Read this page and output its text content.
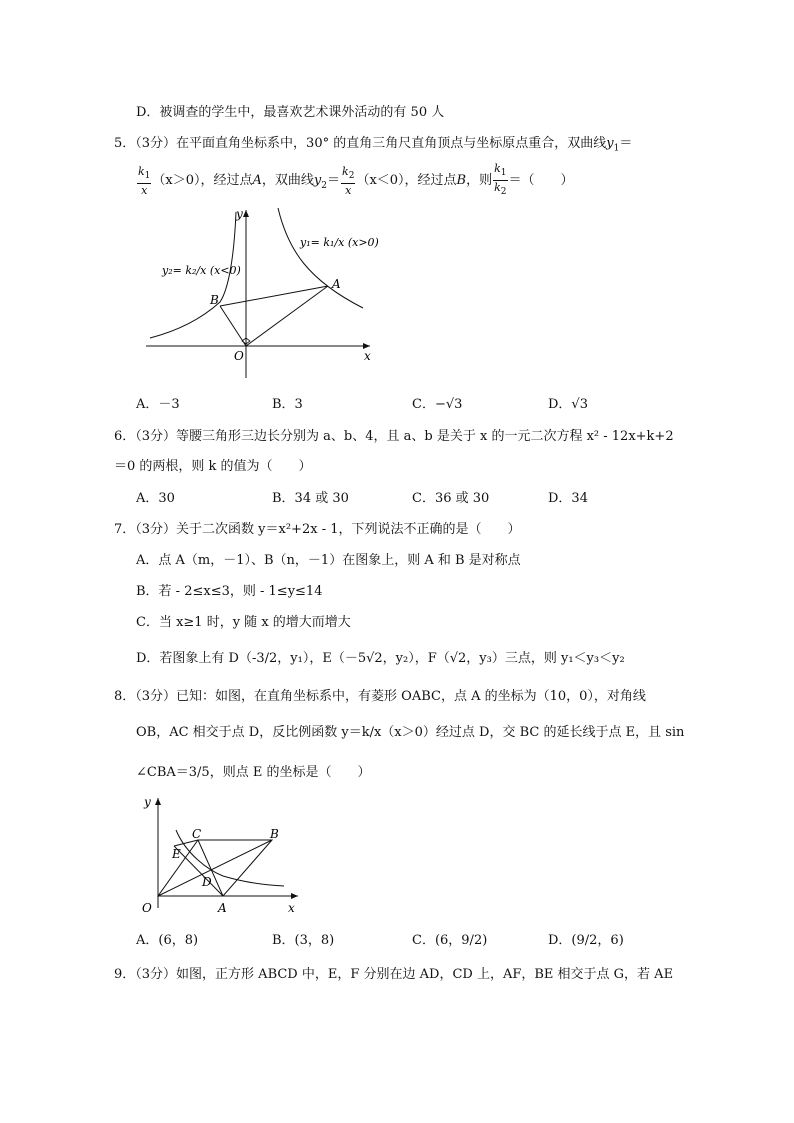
D．被调查的学生中，最喜欢艺术课外活动的有 50 人
5．（3分）在平面直角坐标系中，30° 的直角三角尺直角顶点与坐标原点重合，双曲线$y_1=$
$\frac{k_1}{x} (x>0)$，经过点A，双曲线$y_2= \frac{k_2}{x} (x<0)$，经过点B，则 $\frac{k_1}{k_2}$ ＝（　　）
y
x
O
A
B
y₁= k₁/x (x>0)
y₂= k₂/x (x<0)
A．－3	B．3	C．−√3	D．√3
6．（3分）等腰三角形三边长分别为 a、b、4，且 a、b 是关于 x 的一元二次方程 x² - 12x+k+2
＝0 的两根，则 k 的值为（　　）
A．30	B．34 或 30	C．36 或 30	D．34
7．（3分）关于二次函数 y＝x²+2x - 1，下列说法不正确的是（　　）
A．点 A（m，－1）、B（n，－1）在图象上，则 A 和 B 是对称点
B．若 - 2≤x≤3，则 - 1≤y≤14
C．当 x≥1 时，y 随 x 的增大而增大
D．若图象上有 D（-3/2，y₁），E（－5√2，y₂），F（√2，y₃）三点，则 y₁＜y₃＜y₂
8．（3分）已知：如图，在直角坐标系中，有菱形 OABC，点 A 的坐标为（10，0），对角线
OB，AC 相交于点 D，反比例函数 y＝k/x（x＞0）经过点 D，交 BC 的延长线于点 E，且 sin
∠CBA＝3/5，则点 E 的坐标是（　　）
y
x
O	A
B
C
D
E
A．(6，8)	B．(3，8)	C．(6，9/2)	D．(9/2，6)
9．（3分）如图，正方形 ABCD 中，E，F 分别在边 AD，CD 上，AF，BE 相交于点 G，若 AE
